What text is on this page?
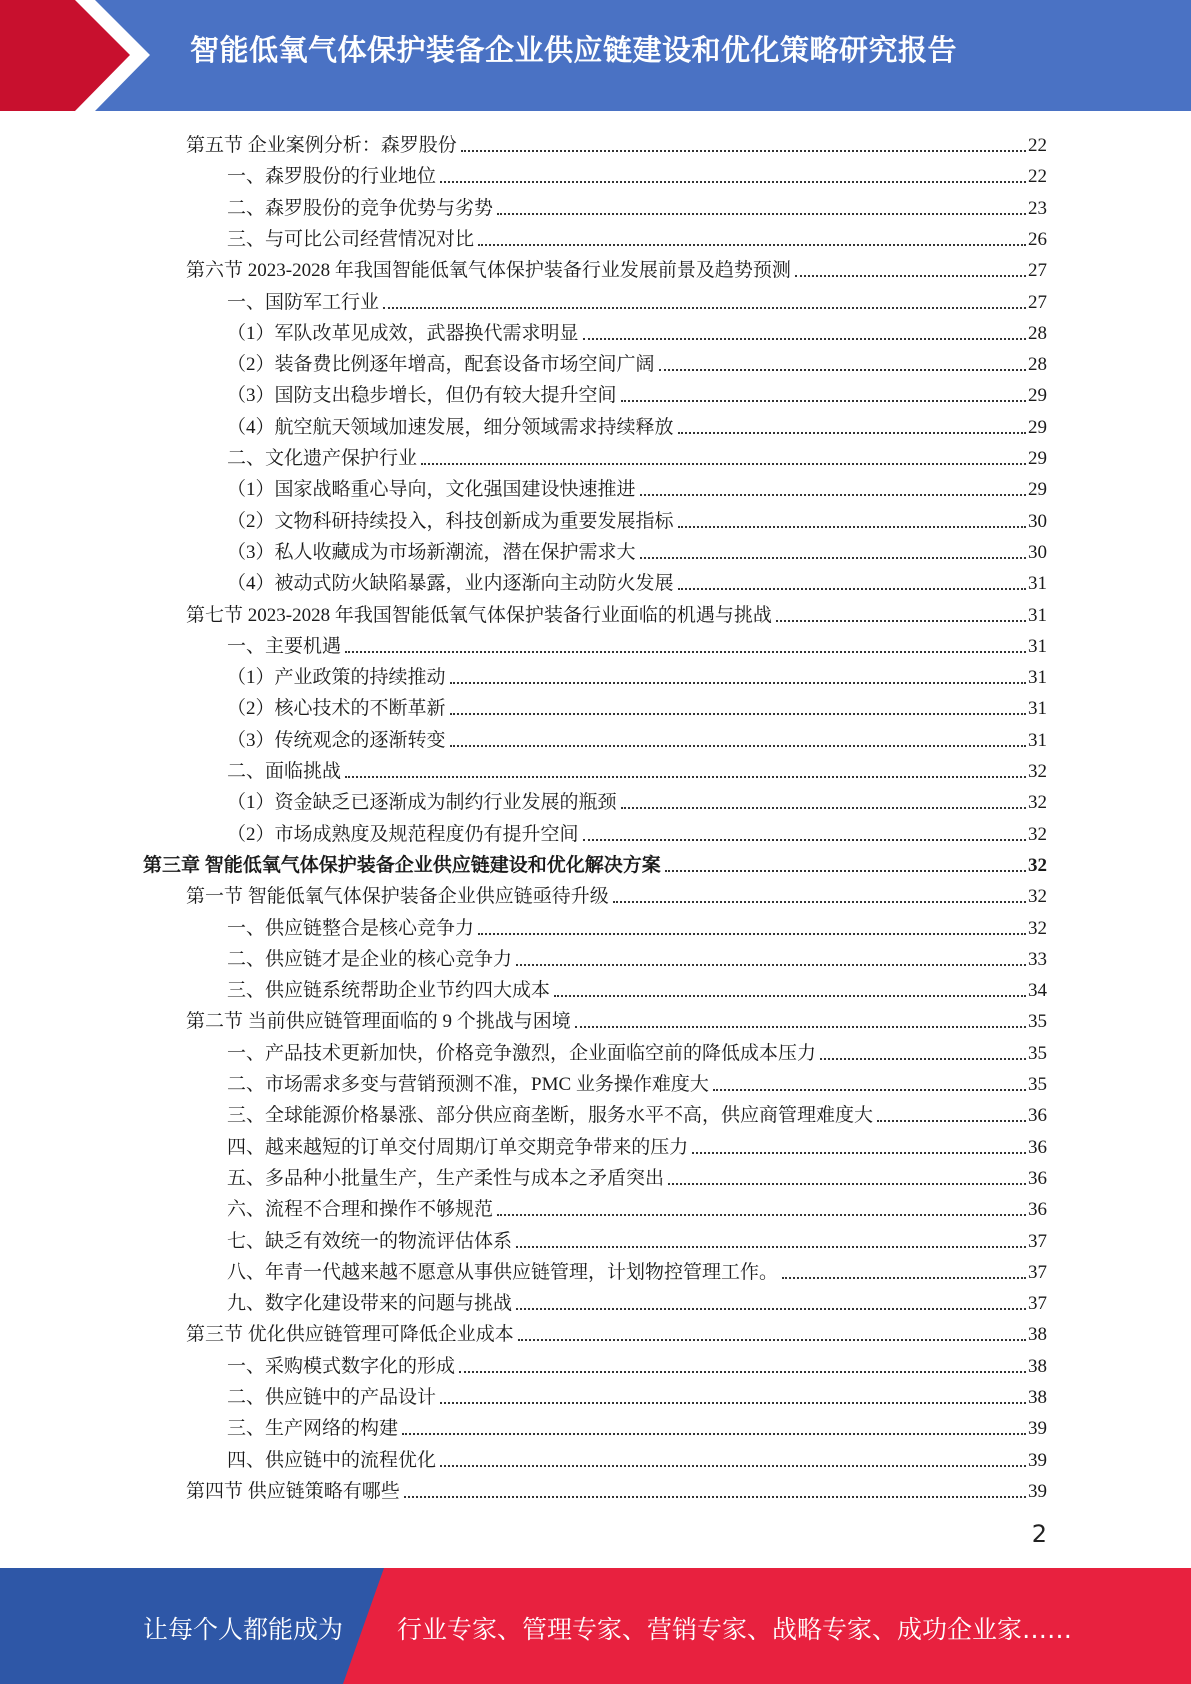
智能低氧气体保护装备企业供应链建设和优化策略研究报告
第五节 企业案例分析：森罗股份	22
一、森罗股份的行业地位	22
二、森罗股份的竞争优势与劣势	23
三、与可比公司经营情况对比	26
第六节 2023-2028 年我国智能低氧气体保护装备行业发展前景及趋势预测	27
一、国防军工行业	27
（1）军队改革见成效，武器换代需求明显	28
（2）装备费比例逐年增高，配套设备市场空间广阔	28
（3）国防支出稳步增长，但仍有较大提升空间	29
（4）航空航天领域加速发展，细分领域需求持续释放	29
二、文化遗产保护行业	29
（1）国家战略重心导向，文化强国建设快速推进	29
（2）文物科研持续投入，科技创新成为重要发展指标	30
（3）私人收藏成为市场新潮流，潜在保护需求大	30
（4）被动式防火缺陷暴露，业内逐渐向主动防火发展	31
第七节 2023-2028 年我国智能低氧气体保护装备行业面临的机遇与挑战	31
一、主要机遇	31
（1）产业政策的持续推动	31
（2）核心技术的不断革新	31
（3）传统观念的逐渐转变	31
二、面临挑战	32
（1）资金缺乏已逐渐成为制约行业发展的瓶颈	32
（2）市场成熟度及规范程度仍有提升空间	32
第三章 智能低氧气体保护装备企业供应链建设和优化解决方案	32
第一节 智能低氧气体保护装备企业供应链亟待升级	32
一、供应链整合是核心竞争力	32
二、供应链才是企业的核心竞争力	33
三、供应链系统帮助企业节约四大成本	34
第二节 当前供应链管理面临的 9 个挑战与困境	35
一、产品技术更新加快，价格竞争激烈，企业面临空前的降低成本压力	35
二、市场需求多变与营销预测不准，PMC 业务操作难度大	35
三、全球能源价格暴涨、部分供应商垄断，服务水平不高，供应商管理难度大	36
四、越来越短的订单交付周期/订单交期竞争带来的压力	36
五、多品种小批量生产，生产柔性与成本之矛盾突出	36
六、流程不合理和操作不够规范	36
七、缺乏有效统一的物流评估体系	37
八、年青一代越来越不愿意从事供应链管理，计划物控管理工作。	37
九、数字化建设带来的问题与挑战	37
第三节 优化供应链管理可降低企业成本	38
一、采购模式数字化的形成	38
二、供应链中的产品设计	38
三、生产网络的构建	39
四、供应链中的流程优化	39
第四节 供应链策略有哪些	39
2
让每个人都能成为 行业专家、管理专家、营销专家、战略专家、成功企业家……
